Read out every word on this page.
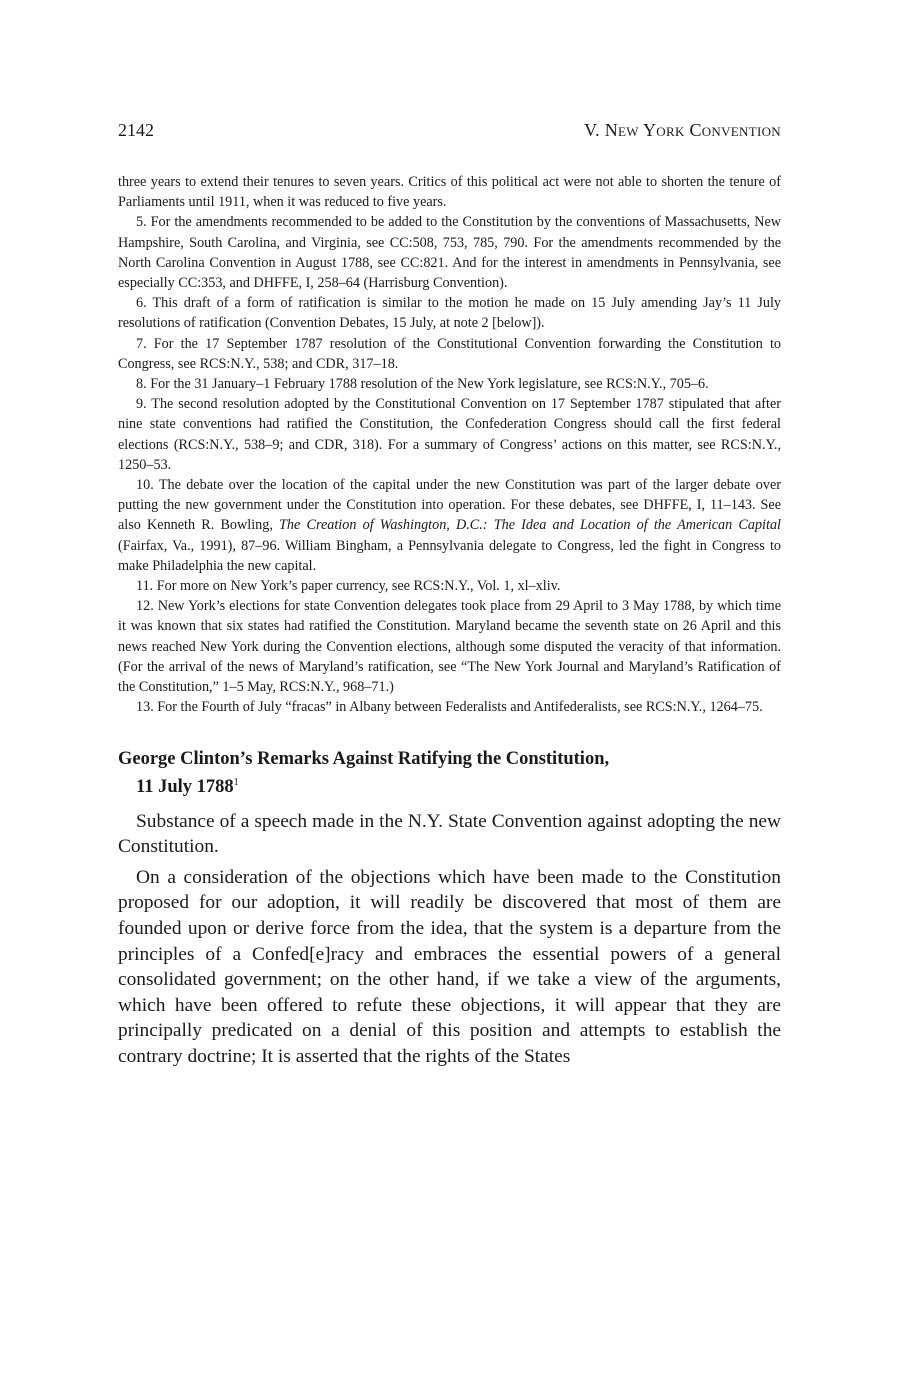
2142	V. New York Convention

three years to extend their tenures to seven years. Critics of this political act were not able to shorten the tenure of Parliaments until 1911, when it was reduced to five years.

5. For the amendments recommended to be added to the Constitution by the conventions of Massachusetts, New Hampshire, South Carolina, and Virginia, see CC:508, 753, 785, 790. For the amendments recommended by the North Carolina Convention in August 1788, see CC:821. And for the interest in amendments in Pennsylvania, see especially CC:353, and DHFFE, I, 258–64 (Harrisburg Convention).

6. This draft of a form of ratification is similar to the motion he made on 15 July amending Jay’s 11 July resolutions of ratification (Convention Debates, 15 July, at note 2 [below]).

7. For the 17 September 1787 resolution of the Constitutional Convention forwarding the Constitution to Congress, see RCS:N.Y., 538; and CDR, 317–18.

8. For the 31 January–1 February 1788 resolution of the New York legislature, see RCS:N.Y., 705–6.

9. The second resolution adopted by the Constitutional Convention on 17 September 1787 stipulated that after nine state conventions had ratified the Constitution, the Confederation Congress should call the first federal elections (RCS:N.Y., 538–9; and CDR, 318). For a summary of Congress’ actions on this matter, see RCS:N.Y., 1250–53.

10. The debate over the location of the capital under the new Constitution was part of the larger debate over putting the new government under the Constitution into operation. For these debates, see DHFFE, I, 11–143. See also Kenneth R. Bowling, The Creation of Washington, D.C.: The Idea and Location of the American Capital (Fairfax, Va., 1991), 87–96. William Bingham, a Pennsylvania delegate to Congress, led the fight in Congress to make Philadelphia the new capital.

11. For more on New York’s paper currency, see RCS:N.Y., Vol. 1, xl–xliv.

12. New York’s elections for state Convention delegates took place from 29 April to 3 May 1788, by which time it was known that six states had ratified the Constitution. Maryland became the seventh state on 26 April and this news reached New York during the Convention elections, although some disputed the veracity of that information. (For the arrival of the news of Maryland’s ratification, see “The New York Journal and Maryland’s Ratification of the Constitution,” 1–5 May, RCS:N.Y., 968–71.)

13. For the Fourth of July “fracas” in Albany between Federalists and Antifederalists, see RCS:N.Y., 1264–75.

George Clinton’s Remarks Against Ratifying the Constitution,
11 July 1788$^1$

Substance of a speech made in the N.Y. State Convention against adopting the new Constitution.

On a consideration of the objections which have been made to the Constitution proposed for our adoption, it will readily be discovered that most of them are founded upon or derive force from the idea, that the system is a departure from the principles of a Confed[e]racy and embraces the essential powers of a general consolidated government; on the other hand, if we take a view of the arguments, which have been offered to refute these objections, it will appear that they are principally predicated on a denial of this position and attempts to establish the contrary doctrine; It is asserted that the rights of the States
